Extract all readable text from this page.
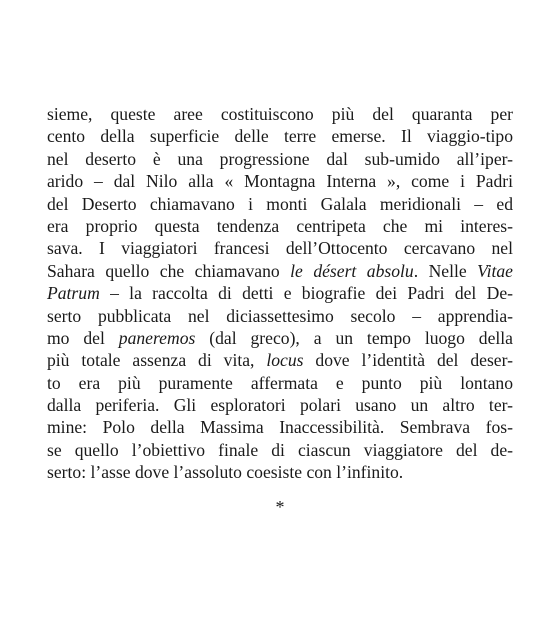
sieme, queste aree costituiscono più del quaranta per
cento della superficie delle terre emerse. Il viaggio-tipo
nel deserto è una progressione dal sub-umido all’iper-
arido – dal Nilo alla « Montagna Interna », come i Padri
del Deserto chiamavano i monti Galala meridionali – ed
era proprio questa tendenza centripeta che mi interes-
sava. I viaggiatori francesi dell’Ottocento cercavano nel
Sahara quello che chiamavano le désert absolu. Nelle Vitae
Patrum – la raccolta di detti e biografie dei Padri del De-
serto pubblicata nel diciassettesimo secolo – apprendia-
mo del paneremos (dal greco), a un tempo luogo della
più totale assenza di vita, locus dove l’identità del deser-
to era più puramente affermata e punto più lontano
dalla periferia. Gli esploratori polari usano un altro ter-
mine: Polo della Massima Inaccessibilità. Sembrava fos-
se quello l’obiettivo finale di ciascun viaggiatore del de-
serto: l’asse dove l’assoluto coesiste con l’infinito.
*
